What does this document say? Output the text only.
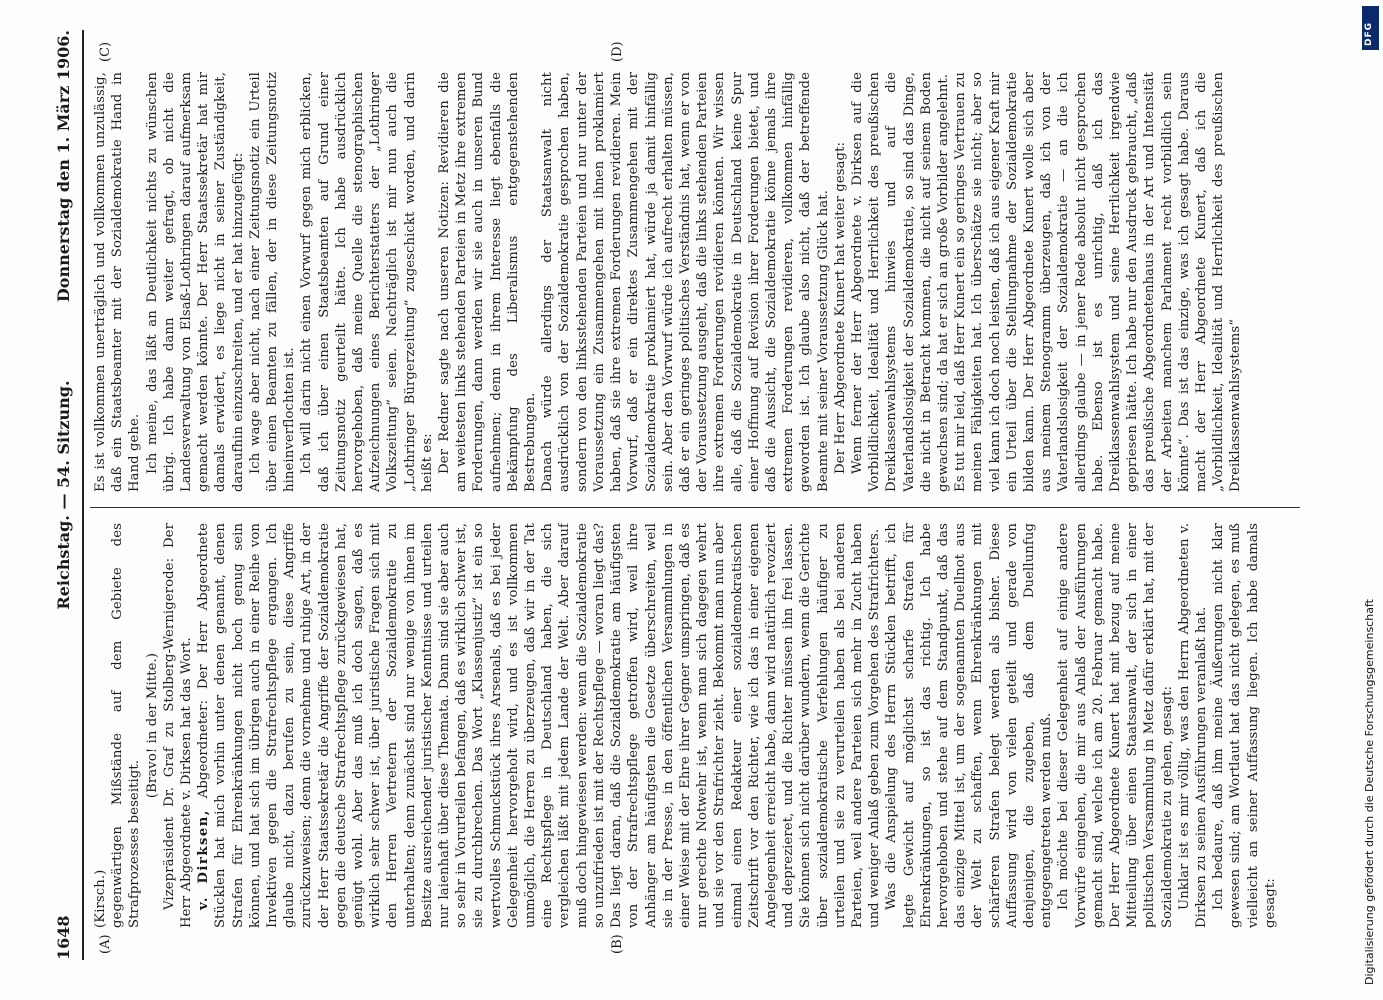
1648
Reichstag. — 54. Sitzung.
Donnerstag den 1. März 1906.
(A)	(B)
(C)	(D)

(Kirsch.) gegenwärtigen Mißstände auf dem Gebiete des Strafprozesses beseitigt.

(Bravo! in der Mitte.) Vizepräsident Dr. Graf zu Stolberg-Wernigerode: Der Herr Abgeordnete v. Dirksen hat das Wort. v. Dirksen, Abgeordneter: Der Herr Abgeordnete Stücklen hat mich vorhin unter denen genannt, denen Strafen für Ehrenkränkungen nicht hoch genug sein können, und hat sich im übrigen auch in einer Reihe von Invektiven gegen die Strafrechtspflege ergangen. Ich glaube nicht, dazu berufen zu sein, diese Angriffe zurückzuweisen; denn die vornehme und ruhige Art, in der der Herr Staatssekretär die Angriffe der Sozialdemokratie gegen die deutsche Strafrechtspflege zurückgewiesen hat, genügt wohl. Aber das muß ich doch sagen, daß es wirklich sehr schwer ist, über juristische Fragen sich mit den Herren Vertretern der Sozialdemokratie zu unterhalten; denn zunächst sind nur wenige von ihnen im Besitze ausreichender juristischer Kenntnisse und urteilen nur laienhaft über diese Themata. Dann sind sie aber auch so sehr in Vorurteilen befangen, daß es wirklich schwer ist, sie zu durchbrechen. Das Wort „Klassenjustiz“ ist ein so wertvolles Schmuckstück ihres Arsenals, daß es bei jeder Gelegenheit hervorgeholt wird, und es ist vollkommen unmöglich, die Herren zu überzeugen, daß wir in der Tat eine Rechtspflege in Deutschland haben, die sich vergleichen läßt mit jedem Lande der Welt. Aber darauf muß doch hingewiesen werden: wenn die Sozialdemokratie so unzufrieden ist mit der Rechtspflege — woran liegt das? Das liegt daran, daß die Sozialdemokratie am häufigsten von der Strafrechtspflege getroffen wird, weil ihre Anhänger am häufigsten die Gesetze überschreiten, weil sie in der Presse, in den öffentlichen Versammlungen in einer Weise mit der Ehre ihrer Gegner umspringen, daß es nur gerechte Notwehr ist, wenn man sich dagegen wehrt und sie vor den Strafrichter zieht. Bekommt man nun aber einmal einen Redakteur einer sozialdemokratischen Zeitschrift vor den Richter, wie ich das in einer eigenen Angelegenheit erreicht habe, dann wird natürlich revoziert und deprezieret, und die Richter müssen ihn frei lassen. Sie können sich nicht darüber wundern, wenn die Gerichte über sozialdemokratische Verfehlungen häufiger zu urteilen und sie zu verurteilen haben als bei anderen Parteien, weil andere Parteien sich mehr in Zucht haben und weniger Anlaß geben zum Vorgehen des Strafrichters. Was die Anspielung des Herrn Stücklen betrifft, ich legte Gewicht auf möglichst scharfe Strafen für Ehrenkränkungen, so ist das richtig. Ich habe hervorgehoben und stehe auf dem Standpunkt, daß das das einzige Mittel ist, um der sogenannten Duellnot aus der Welt zu schaffen, wenn Ehrenkränkungen mit schärferen Strafen belegt werden als bisher. Diese Auffassung wird von vielen geteilt und gerade von denjenigen, die zugeben, daß dem Duellunfug entgegengetreten werden muß. Ich möchte bei dieser Gelegenheit auf einige andere Vorwürfe eingehen, die mir aus Anlaß der Ausführungen gemacht sind, welche ich am 20. Februar gemacht habe. Der Herr Abgeordnete Kunert hat mit bezug auf meine Mitteilung über einen Staatsanwalt, der sich in einer politischen Versammlung in Metz dafür erklärt hat, mit der Sozialdemokratie zu gehen, gesagt: Unklar ist es mir völlig, was den Herrn Abgeordneten v. Dirksen zu seinen Ausführungen veranlaßt hat. Ich bedaure, daß ihm meine Äußerungen nicht klar gewesen sind; am Wortlaut hat das nicht gelegen, es muß vielleicht an seiner Auffassung liegen. Ich habe damals gesagt:

Es ist vollkommen unerträglich und vollkommen unzulässig, daß ein Staatsbeamter mit der Sozialdemokratie Hand in Hand gehe. Ich meine, das läßt an Deutlichkeit nichts zu wünschen übrig. Ich habe dann weiter gefragt, ob nicht die Landesverwaltung von Elsaß-Lothringen darauf aufmerksam gemacht werden könnte. Der Herr Staatssekretär hat mir damals erwidert, es liege nicht in seiner Zuständigkeit, daraufhin einzuschreiten, und er hat hinzugefügt: Ich wage aber nicht, nach einer Zeitungsnotiz ein Urteil über einen Beamten zu fällen, der in diese Zeitungsnotiz hineinverflochten ist. Ich will darin nicht einen Vorwurf gegen mich erblicken, daß ich über einen Staatsbeamten auf Grund einer Zeitungsnotiz geurteilt hätte. Ich habe ausdrücklich hervorgehoben, daß meine Quelle die stenographischen Aufzeichnungen eines Berichterstatters der „Lothringer Volkszeitung“ seien. Nachträglich ist mir nun auch die „Lothringer Bürgerzeitung“ zugeschickt worden, und darin heißt es: Der Redner sagte nach unseren Notizen: Revidieren die am weitesten links stehenden Parteien in Metz ihre extremen Forderungen, dann werden wir sie auch in unseren Bund aufnehmen; denn in ihrem Interesse liegt ebenfalls die Bekämpfung des Liberalismus entgegenstehenden Bestrebungen. Danach würde allerdings der Staatsanwalt nicht ausdrücklich von der Sozialdemokratie gesprochen haben, sondern von den linksstehenden Parteien und nur unter der Voraussetzung ein Zusammengehen mit ihnen proklamiert haben, daß sie ihre extremen Forderungen revidieren. Mein Vorwurf, daß er ein direktes Zusammengehen mit der Sozialdemokratie proklamiert hat, würde ja damit hinfällig sein. Aber den Vorwurf würde ich aufrecht erhalten müssen, daß er ein geringes politisches Verständnis hat, wenn er von der Voraussetzung ausgeht, daß die links stehenden Parteien ihre extremen Forderungen revidieren könnten. Wir wissen alle, daß die Sozialdemokratie in Deutschland keine Spur einer Hoffnung auf Revision ihrer Forderungen bietet, und daß die Aussicht, die Sozialdemokratie könne jemals ihre extremen Forderungen revidieren, vollkommen hinfällig geworden ist. Ich glaube also nicht, daß der betreffende Beamte mit seiner Voraussetzung Glück hat. Der Herr Abgeordnete Kunert hat weiter gesagt: Wenn ferner der Herr Abgeordnete v. Dirksen auf die Vorbildlichkeit, Idealität und Herrlichkeit des preußischen Dreiklassenwahlsystems hinwies und auf die Vaterlandslosigkeit der Sozialdemokratie, so sind das Dinge, die nicht in Betracht kommen, die nicht auf seinem Boden gewachsen sind; da hat er sich an große Vorbilder angelehnt. Es tut mir leid, daß Herr Kunert ein so geringes Vertrauen zu meinen Fähigkeiten hat. Ich überschätze sie nicht; aber so viel kann ich doch noch leisten, daß ich aus eigener Kraft mir ein Urteil über die Stellungnahme der Sozialdemokratie bilden kann. Der Herr Abgeordnete Kunert wolle sich aber aus meinem Stenogramm überzeugen, daß ich von der Vaterlandslosigkeit der Sozialdemokratie — an die ich allerdings glaube — in jener Rede absolut nicht gesprochen habe. Ebenso ist es unrichtig, daß ich das Dreiklassenwahlsystem und seine Herrlichkeit irgendwie gepriesen hätte. Ich habe nur den Ausdruck gebraucht, „daß das preußische Abgeordnetenhaus in der Art und Intensität der Arbeiten manchem Parlament recht vorbildlich sein könnte“. Das ist das einzige, was ich gesagt habe. Daraus macht der Herr Abgeordnete Kunert, daß ich die „Vorbildlichkeit, Idealität und Herrlichkeit des preußischen Dreiklassenwahlsystems“

DFG
Digitalisierung gefördert durch die Deutsche Forschungsgemeinschaft
